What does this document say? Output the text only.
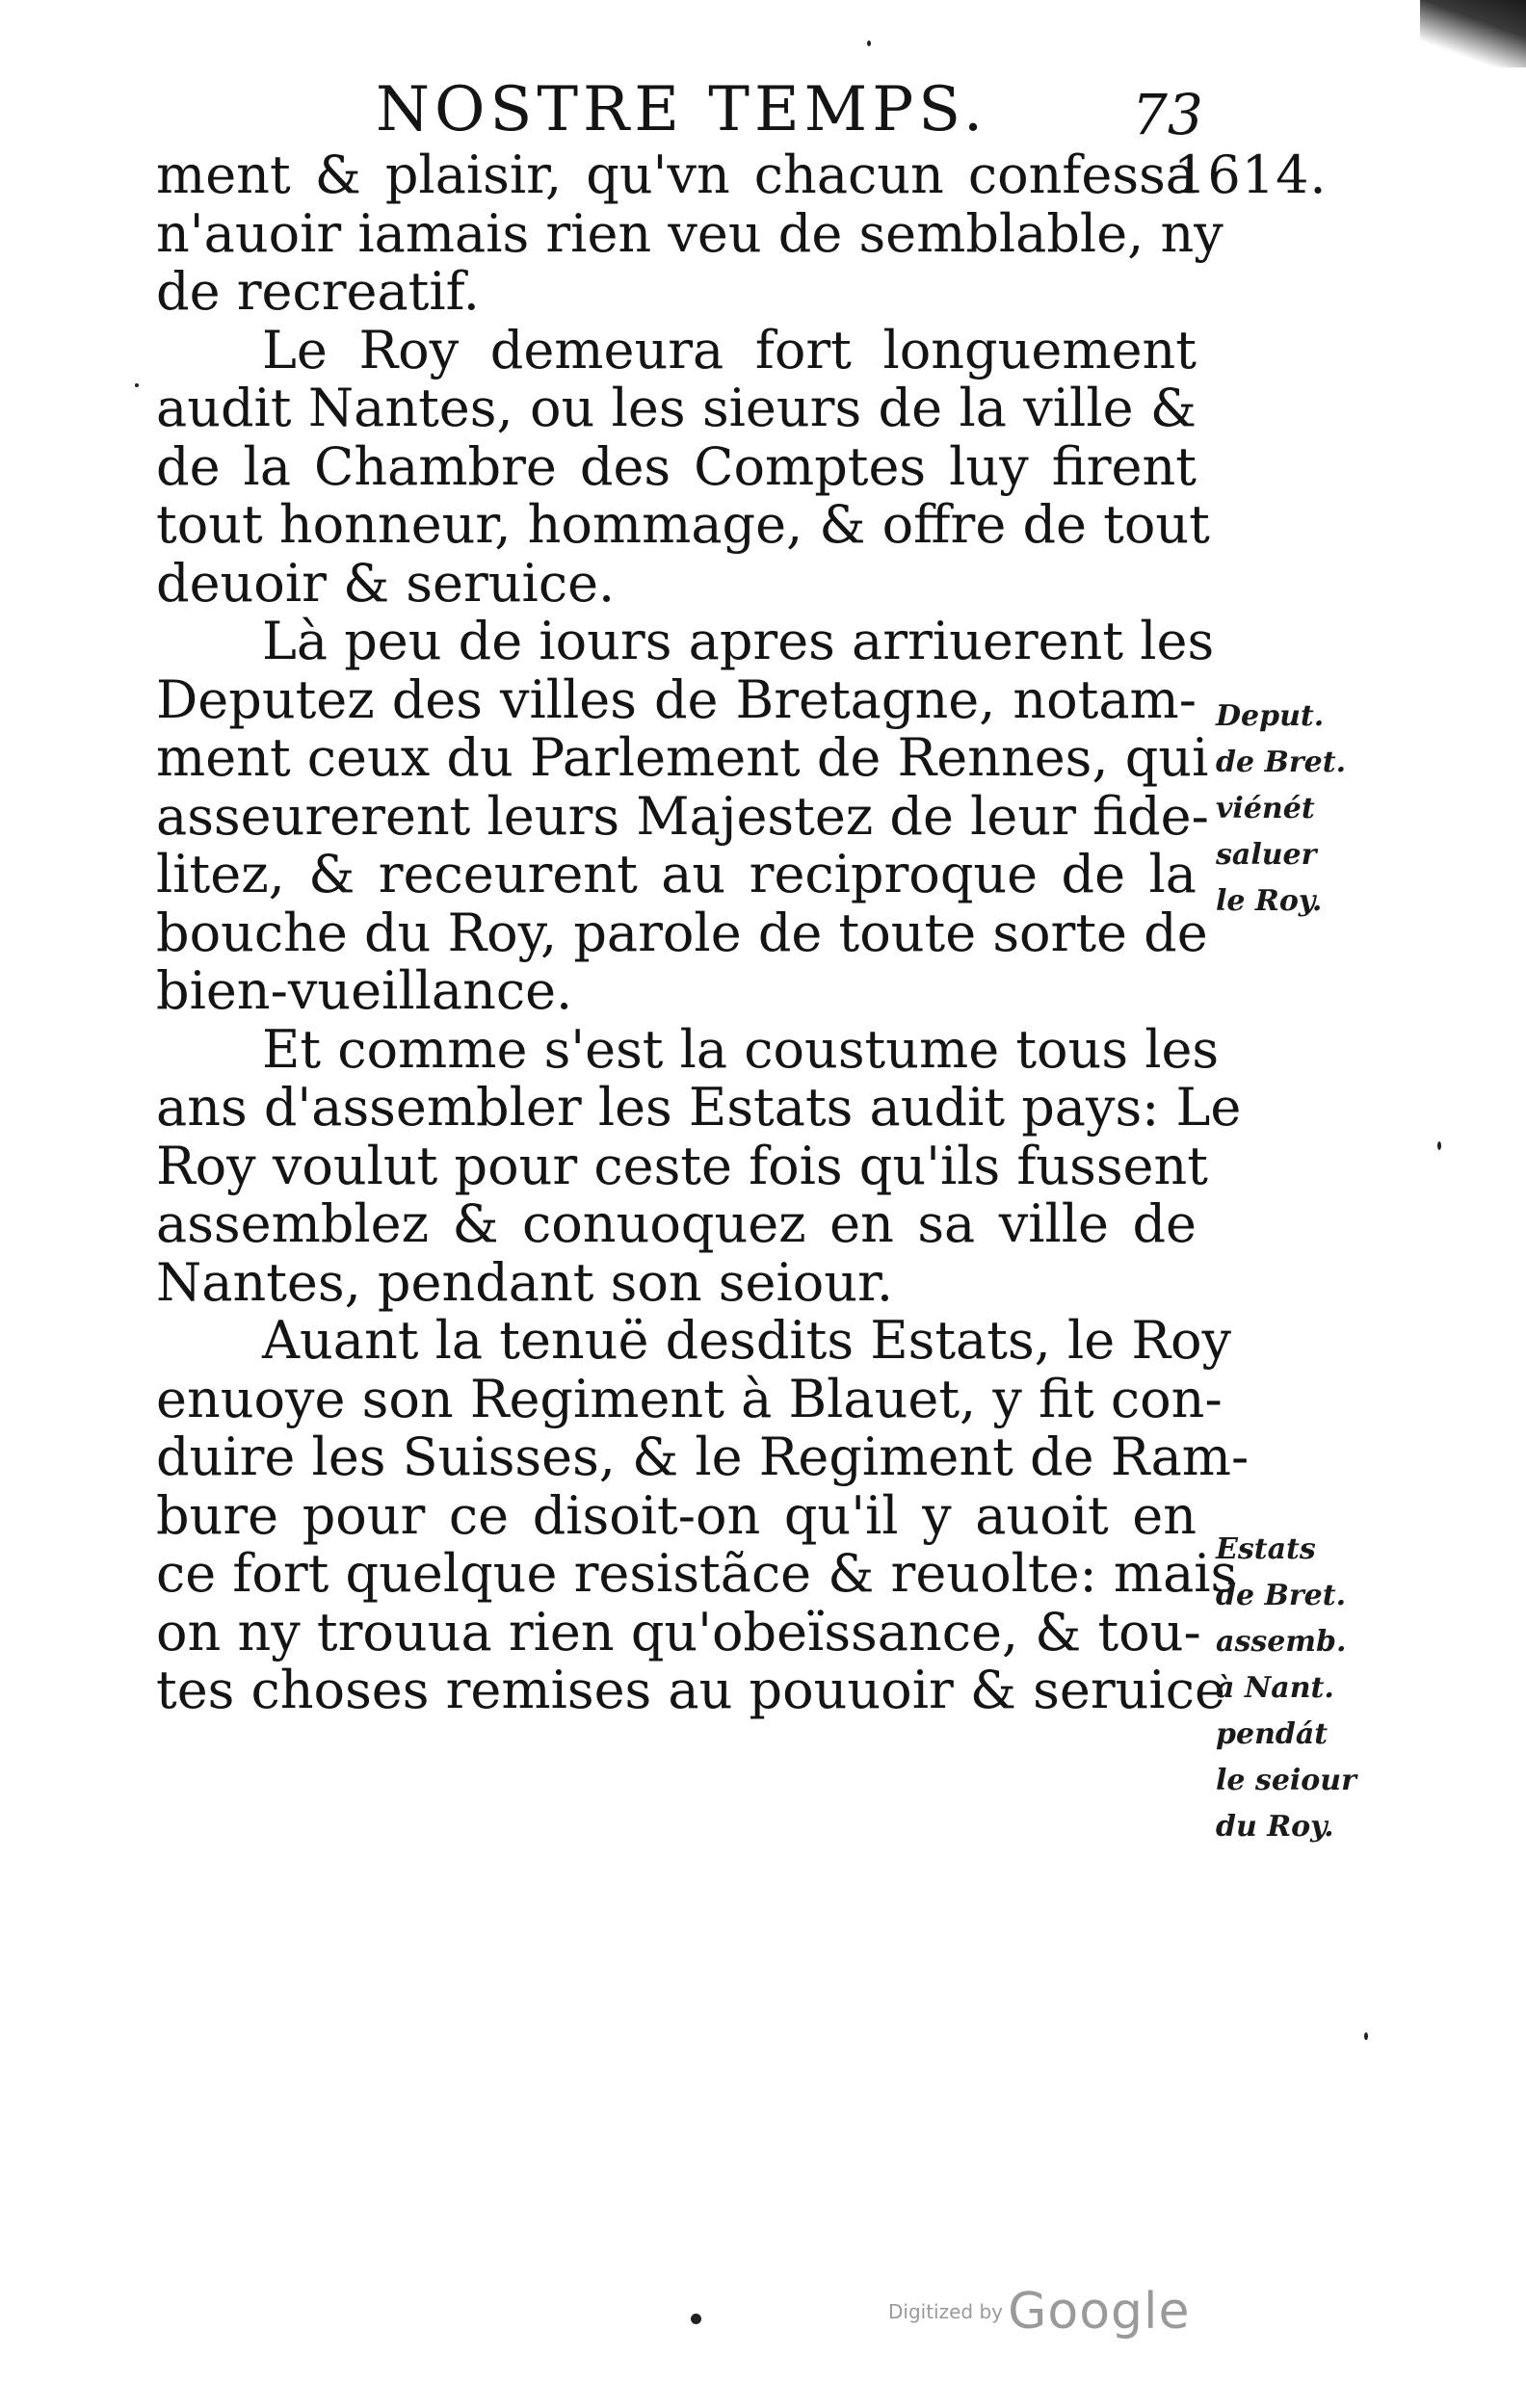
NOSTRE TEMPS.	73
1614.
ment & plaisir, qu'vn chacun confessa
n'auoir iamais rien veu de semblable, ny
de recreatif.
Le Roy demeura fort longuement
audit Nantes, ou les sieurs de la ville &
de la Chambre des Comptes luy firent
tout honneur, hommage, & offre de tout
deuoir & seruice.
Là peu de iours apres arriuerent les
Deputez des villes de Bretagne, notam-
ment ceux du Parlement de Rennes, qui
asseurerent leurs Majestez de leur fide-
litez, & receurent au reciproque de la
bouche du Roy, parole de toute sorte de
bien-vueillance.
Et comme s'est la coustume tous les
ans d'assembler les Estats audit pays: Le
Roy voulut pour ceste fois qu'ils fussent
assemblez & conuoquez en sa ville de
Nantes, pendant son seiour.
Auant la tenuë desdits Estats, le Roy
enuoye son Regiment à Blauet, y fit con-
duire les Suisses, & le Regiment de Ram-
bure pour ce disoit-on qu'il y auoit en
ce fort quelque resistãce & reuolte: mais
on ny trouua rien qu'obeïssance, & tou-
tes choses remises au pouuoir & seruice
Deput.
de Bret.
viénét
saluer
le Roy.
Estats
de Bret.
assemb.
à Nant.
pendát
le seiour
du Roy.
Digitized by Google
